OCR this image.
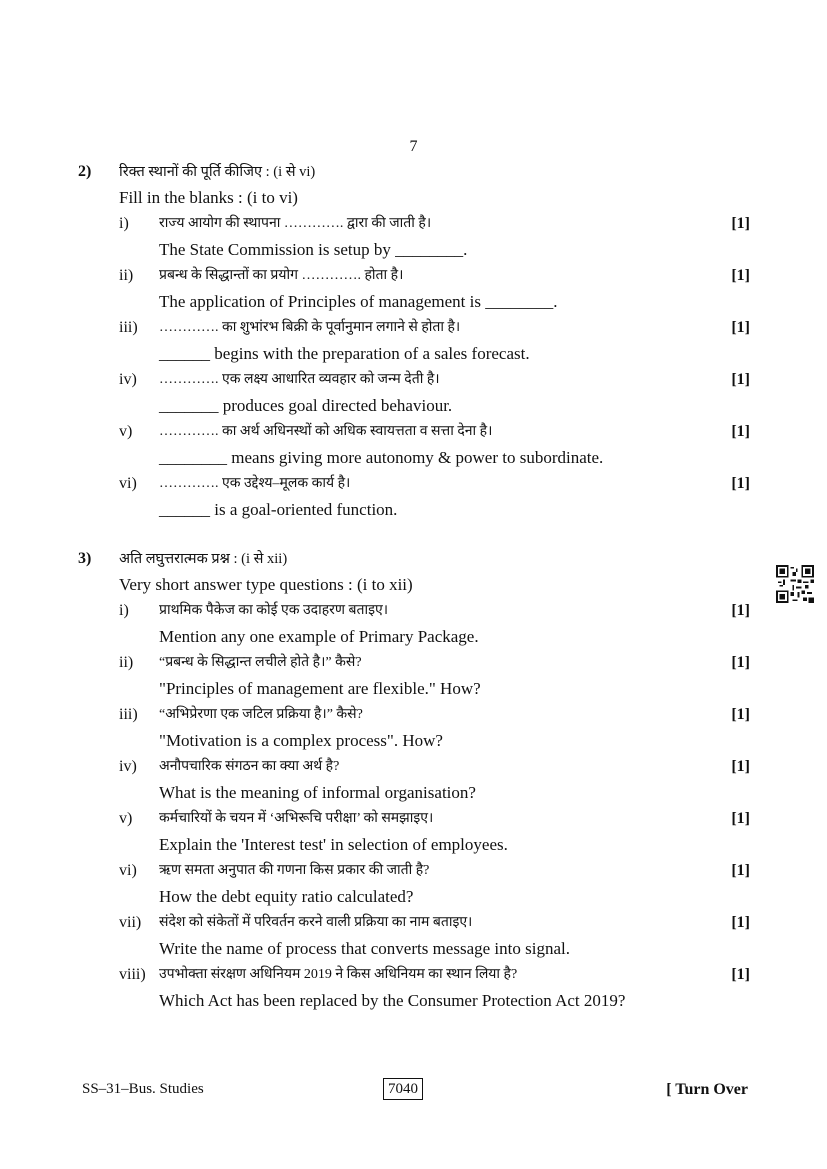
7
2) रिक्त स्थानों की पूर्ति कीजिए : (i से vi)
Fill in the blanks : (i to vi)
i) राज्य आयोग की स्थापना …………. द्वारा की जाती है।	[1]
The State Commission is setup by ________.
ii) प्रबन्ध के सिद्धान्तों का प्रयोग …………. होता है।	[1]
The application of Principles of management is ________.
iii) …………. का शुभांरभ बिक्री के पूर्वानुमान लगाने से होता है।	[1]
______ begins with the preparation of a sales forecast.
iv) …………. एक लक्ष्य आधारित व्यवहार को जन्म देती है।	[1]
_______ produces goal directed behaviour.
v) …………. का अर्थ अधिनस्थों को अधिक स्वायत्तता व सत्ता देना है।	[1]
________ means giving more autonomy & power to subordinate.
vi) …………. एक उद्देश्य–मूलक कार्य है।	[1]
______ is a goal-oriented function.
3) अति लघुत्तरात्मक प्रश्न : (i से xii)
Very short answer type questions : (i to xii)
i) प्राथमिक पैकेज का कोई एक उदाहरण बताइए।	[1]
Mention any one example of Primary Package.
ii) “प्रबन्ध के सिद्धान्त लचीले होते है।” कैसे?	[1]
"Principles of management are flexible." How?
iii) “अभिप्रेरणा एक जटिल प्रक्रिया है।” कैसे?	[1]
"Motivation is a complex process". How?
iv) अनौपचारिक संगठन का क्या अर्थ है?	[1]
What is the meaning of informal organisation?
v) कर्मचारियों के चयन में ‘अभिरूचि परीक्षा’ को समझाइए।	[1]
Explain the 'Interest test' in selection of employees.
vi) ऋण समता अनुपात की गणना किस प्रकार की जाती है?	[1]
How the debt equity ratio calculated?
vii) संदेश को संकेतों में परिवर्तन करने वाली प्रक्रिया का नाम बताइए।	[1]
Write the name of process that converts message into signal.
viii) उपभोक्ता संरक्षण अधिनियम 2019 ने किस अधिनियम का स्थान लिया है?	[1]
Which Act has been replaced by the Consumer Protection Act 2019?
SS–31–Bus. Studies	7040	[ Turn Over
